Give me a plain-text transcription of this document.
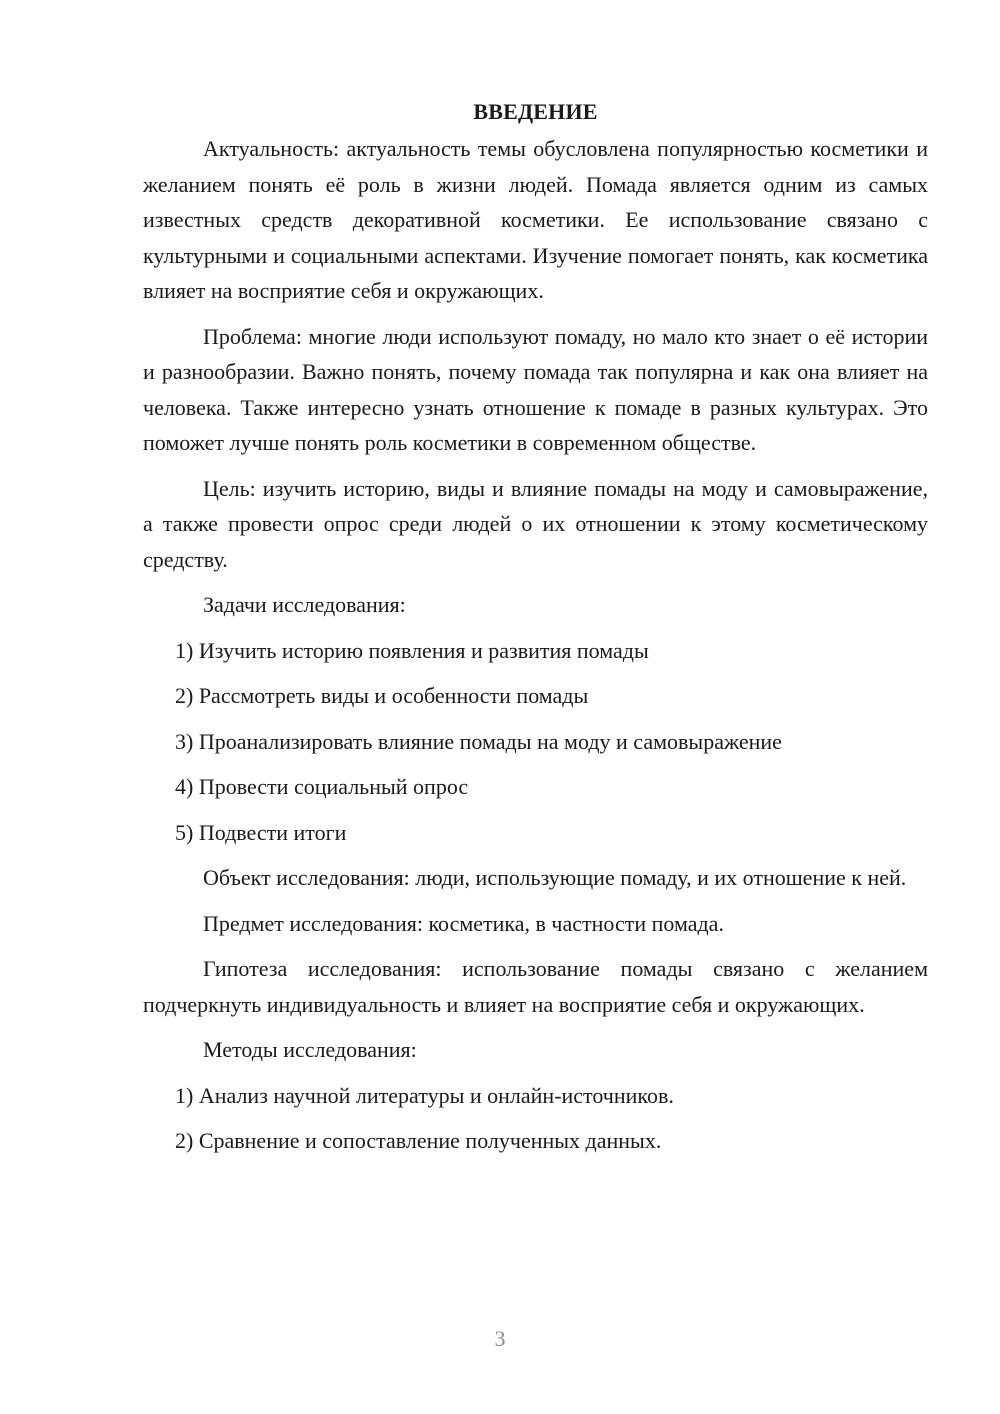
ВВЕДЕНИЕ

Актуальность: актуальность темы обусловлена популярностью косметики и желанием понять её роль в жизни людей. Помада является одним из самых известных средств декоративной косметики. Ее использование связано с культурными и социальными аспектами. Изучение помогает понять, как косметика влияет на восприятие себя и окружающих.

Проблема: многие люди используют помаду, но мало кто знает о её истории и разнообразии. Важно понять, почему помада так популярна и как она влияет на человека. Также интересно узнать отношение к помаде в разных культурах. Это поможет лучше понять роль косметики в современном обществе.

Цель: изучить историю, виды и влияние помады на моду и самовыражение, а также провести опрос среди людей о их отношении к этому косметическому средству.

Задачи исследования:

1) Изучить историю появления и развития помады
2) Рассмотреть виды и особенности помады
3) Проанализировать влияние помады на моду и самовыражение
4) Провести социальный опрос
5) Подвести итоги

Объект исследования: люди, использующие помаду, и их отношение к ней.

Предмет исследования: косметика, в частности помада.

Гипотеза исследования: использование помады связано с желанием подчеркнуть индивидуальность и влияет на восприятие себя и окружающих.

Методы исследования:

1) Анализ научной литературы и онлайн-источников.
2) Сравнение и сопоставление полученных данных.
3
